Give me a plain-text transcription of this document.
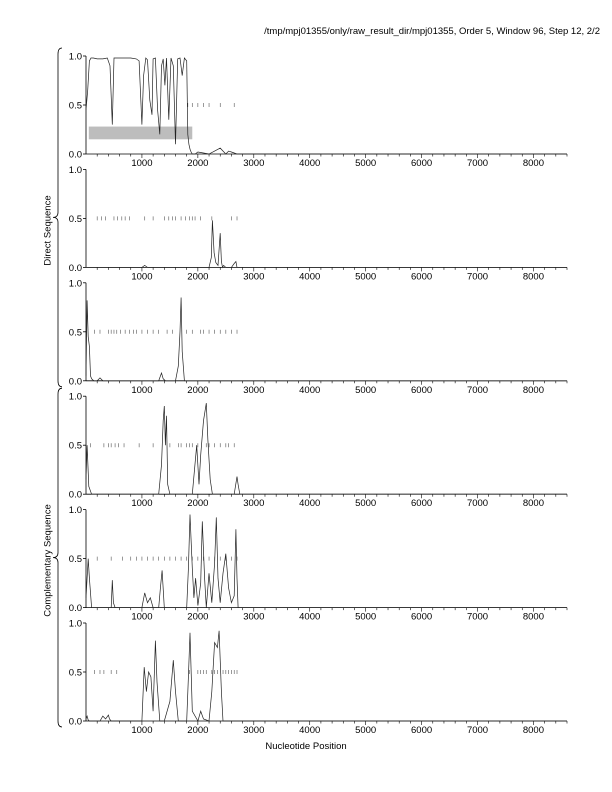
/tmp/mpj01355/only/raw_result_dir/mpj01355, Order 5, Window 96, Step 12, 2/2
0.0
0.5
1.0
1000	2000	3000	4000	5000	6000	7000	8000
0.0
0.5
1.0
1000	2000	3000	4000	5000	6000	7000	8000
0.0
0.5
1.0
1000	2000	3000	4000	5000	6000	7000	8000
0.0
0.5
1.0
1000	2000	3000	4000	5000	6000	7000	8000
0.0
0.5
1.0
1000	2000	3000	4000	5000	6000	7000	8000
0.0
0.5
1.0
1000	2000	3000	4000	5000	6000	7000	8000
Direct Sequence
Complementary Sequence
Nucleotide Position
